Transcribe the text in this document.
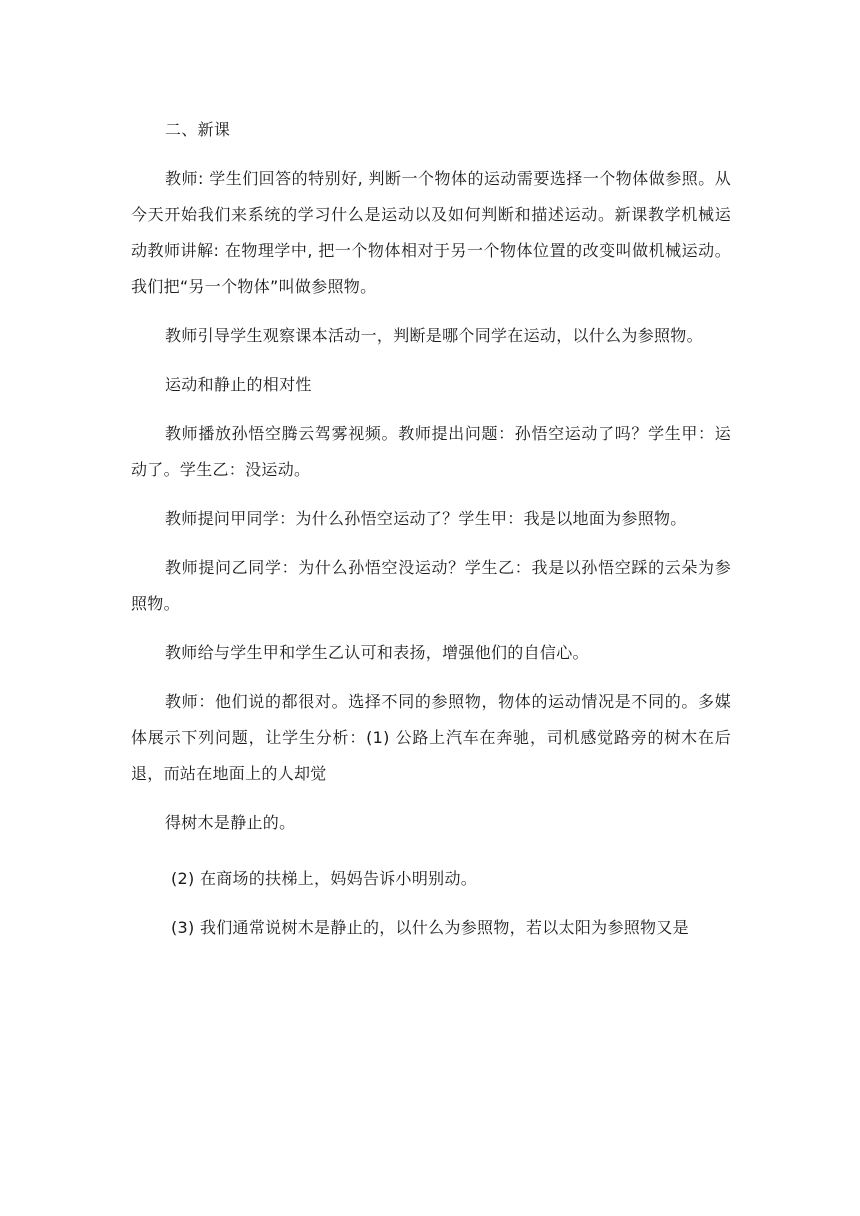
二、新课

教师: 学生们回答的特别好, 判断一个物体的运动需要选择一个物体做参照。从今天开始我们来系统的学习什么是运动以及如何判断和描述运动。新课教学机械运动教师讲解: 在物理学中, 把一个物体相对于另一个物体位置的改变叫做机械运动。我们把“另一个物体”叫做参照物。

教师引导学生观察课本活动一，判断是哪个同学在运动，以什么为参照物。

运动和静止的相对性

教师播放孙悟空腾云驾雾视频。教师提出问题：孙悟空运动了吗？学生甲：运动了。学生乙：没运动。

教师提问甲同学：为什么孙悟空运动了？学生甲：我是以地面为参照物。

教师提问乙同学：为什么孙悟空没运动？学生乙：我是以孙悟空踩的云朵为参照物。

教师给与学生甲和学生乙认可和表扬，增强他们的自信心。

教师：他们说的都很对。选择不同的参照物，物体的运动情况是不同的。多媒体展示下列问题，让学生分析：(1) 公路上汽车在奔驰，司机感觉路旁的树木在后退，而站在地面上的人却觉

得树木是静止的。

(2) 在商场的扶梯上，妈妈告诉小明别动。

(3) 我们通常说树木是静止的，以什么为参照物，若以太阳为参照物又是
